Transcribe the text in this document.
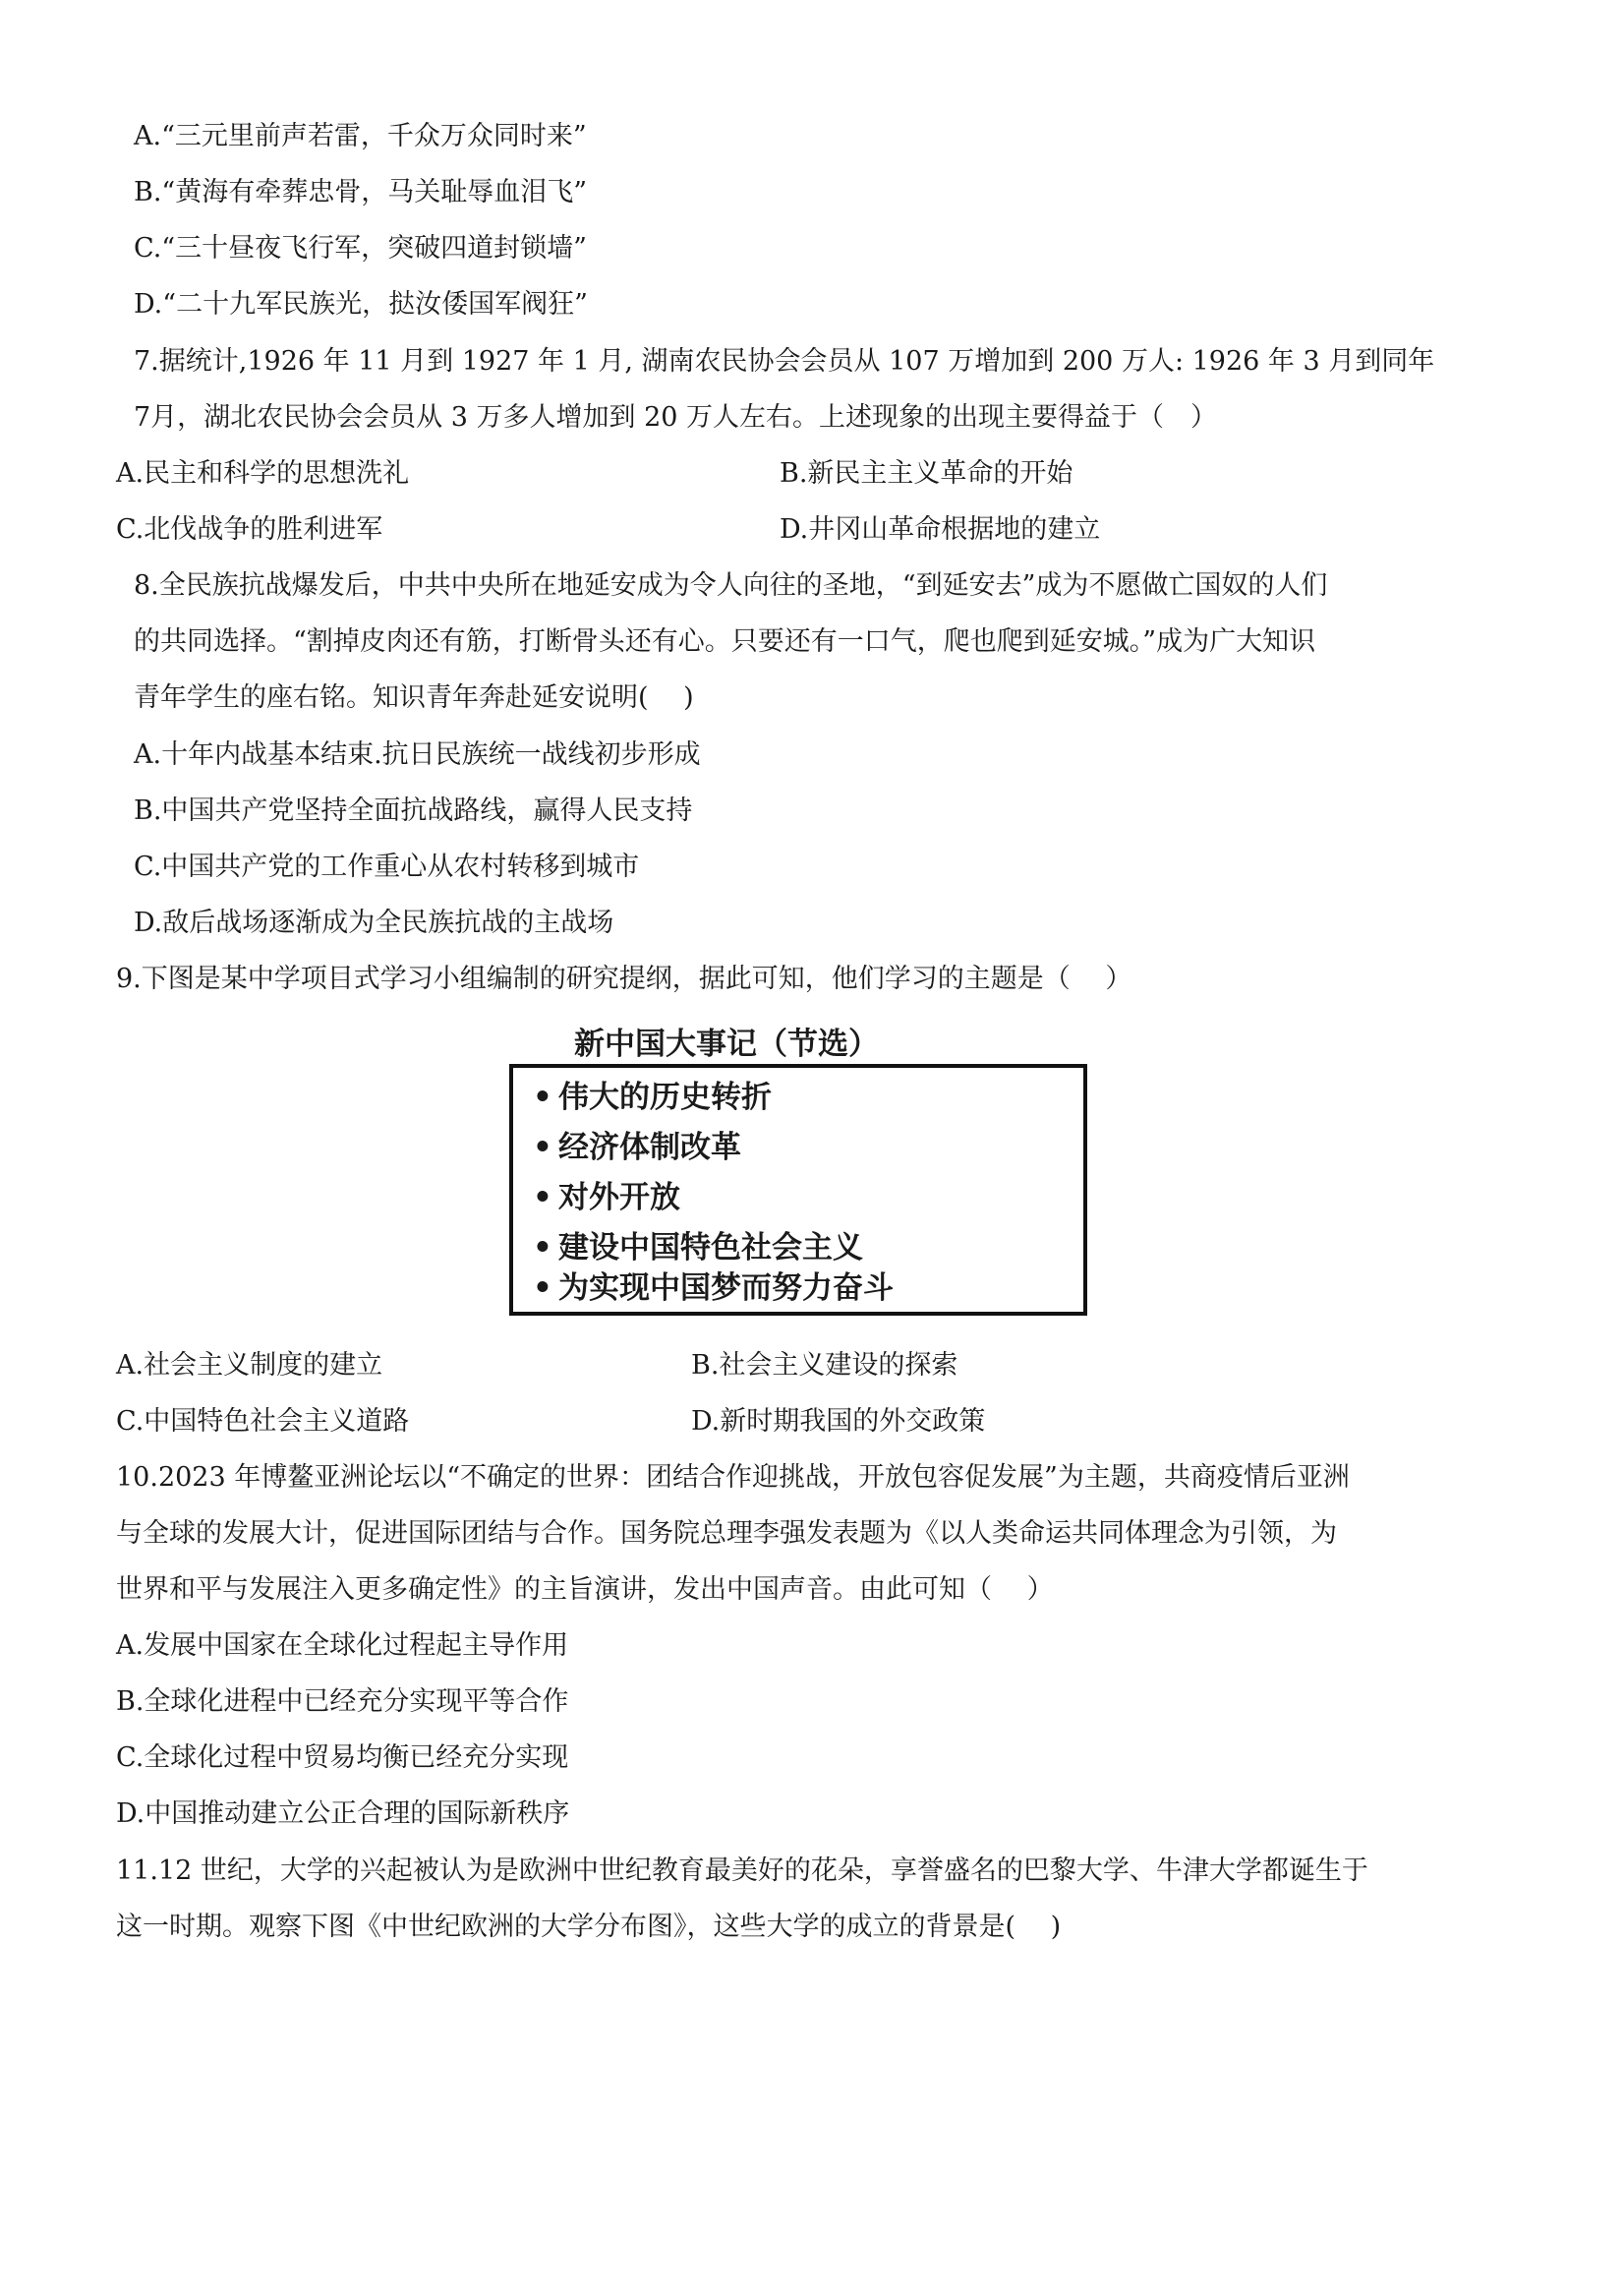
A.“三元里前声若雷，千众万众同时来”
B.“黄海有牵葬忠骨，马关耻辱血泪飞”
C.“三十昼夜飞行军，突破四道封锁墙”
D.“二十九军民族光，挞汝倭国军阀狂”
7.据统计,1926 年 11 月到 1927 年 1 月, 湖南农民协会会员从 107 万增加到 200 万人: 1926 年 3 月到同年
7月，湖北农民协会会员从 3 万多人增加到 20 万人左右。上述现象的出现主要得益于（　）
A.民主和科学的思想洗礼	B.新民主主义革命的开始
C.北伐战争的胜利进军	D.井冈山革命根据地的建立
8.全民族抗战爆发后，中共中央所在地延安成为令人向往的圣地，“到延安去”成为不愿做亡国奴的人们
的共同选择。“割掉皮肉还有筋，打断骨头还有心。只要还有一口气，爬也爬到延安城。”成为广大知识
青年学生的座右铭。知识青年奔赴延安说明(　 )
A.十年内战基本结束.抗日民族统一战线初步形成
B.中国共产党坚持全面抗战路线，赢得人民支持
C.中国共产党的工作重心从农村转移到城市
D.敌后战场逐渐成为全民族抗战的主战场
9.下图是某中学项目式学习小组编制的研究提纲，据此可知，他们学习的主题是（　 ）
新中国大事记（节选）
• 伟大的历史转折
• 经济体制改革
• 对外开放
• 建设中国特色社会主义
• 为实现中国梦而努力奋斗
A.社会主义制度的建立	B.社会主义建设的探索
C.中国特色社会主义道路	D.新时期我国的外交政策
10.2023 年博鳌亚洲论坛以“不确定的世界：团结合作迎挑战，开放包容促发展”为主题，共商疫情后亚洲
与全球的发展大计，促进国际团结与合作。国务院总理李强发表题为《以人类命运共同体理念为引领，为
世界和平与发展注入更多确定性》的主旨演讲，发出中国声音。由此可知（　 ）
A.发展中国家在全球化过程起主导作用
B.全球化进程中已经充分实现平等合作
C.全球化过程中贸易均衡已经充分实现
D.中国推动建立公正合理的国际新秩序
11.12 世纪，大学的兴起被认为是欧洲中世纪教育最美好的花朵，享誉盛名的巴黎大学、牛津大学都诞生于
这一时期。观察下图《中世纪欧洲的大学分布图》，这些大学的成立的背景是(　 )
